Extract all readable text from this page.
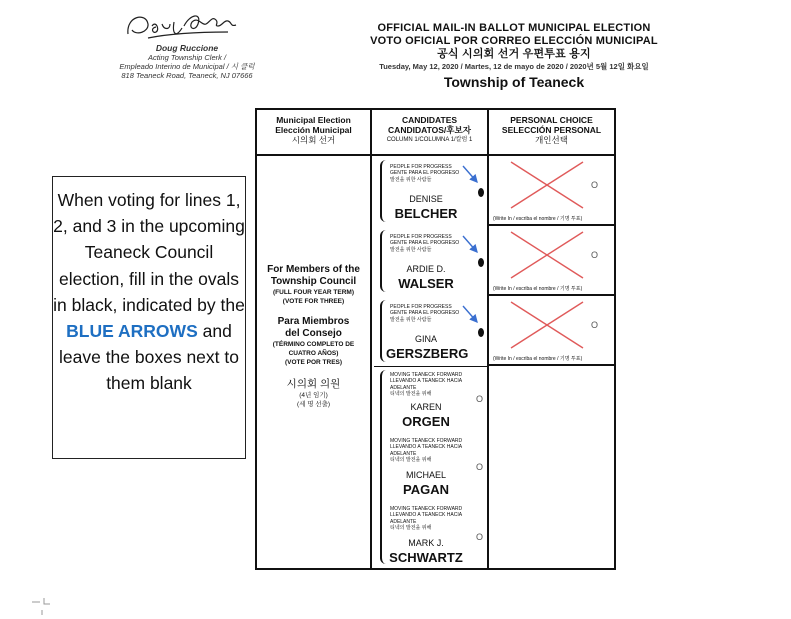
Doug Ruccione
Acting Township Clerk /
Empleado Interino de Municipal / 시 클럭
818 Teaneck Road, Teaneck, NJ 07666
OFFICIAL MAIL-IN BALLOT MUNICIPAL ELECTION
VOTO OFICIAL POR CORREO ELECCIÓN MUNICIPAL
공식 시의회 선거 우편투표 용지
Tuesday, May 12, 2020 / Martes, 12 de mayo de 2020 / 2020년 5월 12일 화요일
Township of Teaneck
Municipal Election
Elección Municipal
시의회 선거
CANDIDATES
CANDIDATOS/후보자
COLUMN 1/COLUMNA 1/칼럼 1
PERSONAL CHOICE
SELECCIÓN PERSONAL
개인선택
For Members of the
Township Council
(FULL FOUR YEAR TERM)
(VOTE FOR THREE)
Para Miembros
del Consejo
(TÉRMINO COMPLETO DE
CUATRO AÑOS)
(VOTE POR TRES)
시의회 의원
(4년 임기)
(세 명 선출)
PEOPLE FOR PROGRESS
GENTE PARA EL PROGRESO
발전을 위한 사람들
DENISE
BELCHER
PEOPLE FOR PROGRESS
GENTE PARA EL PROGRESO
발전을 위한 사람들
ARDIE D.
WALSER
PEOPLE FOR PROGRESS
GENTE PARA EL PROGRESO
발전을 위한 사람들
GINA
GERSZBERG
MOVING TEANECK FORWARD
LLEVANDO A TEANECK HACIA ADELANTE
티넥의 발전을 위해
KAREN
ORGEN
O
MOVING TEANECK FORWARD
LLEVANDO A TEANECK HACIA ADELANTE
티넥의 발전을 위해
MICHAEL
PAGAN
O
MOVING TEANECK FORWARD
LLEVANDO A TEANECK HACIA ADELANTE
티넥의 발전을 위해
MARK J.
SCHWARTZ
O
O
(Write In / escriba el nombre / 기명 투표)
O
(Write In / escriba el nombre / 기명 투표)
O
(Write In / escriba el nombre / 기명 투표)
When voting for lines 1, 2, and 3 in the upcoming Teaneck Council election, fill in the ovals in black, indicated by the BLUE ARROWS and leave the boxes next to them blank
